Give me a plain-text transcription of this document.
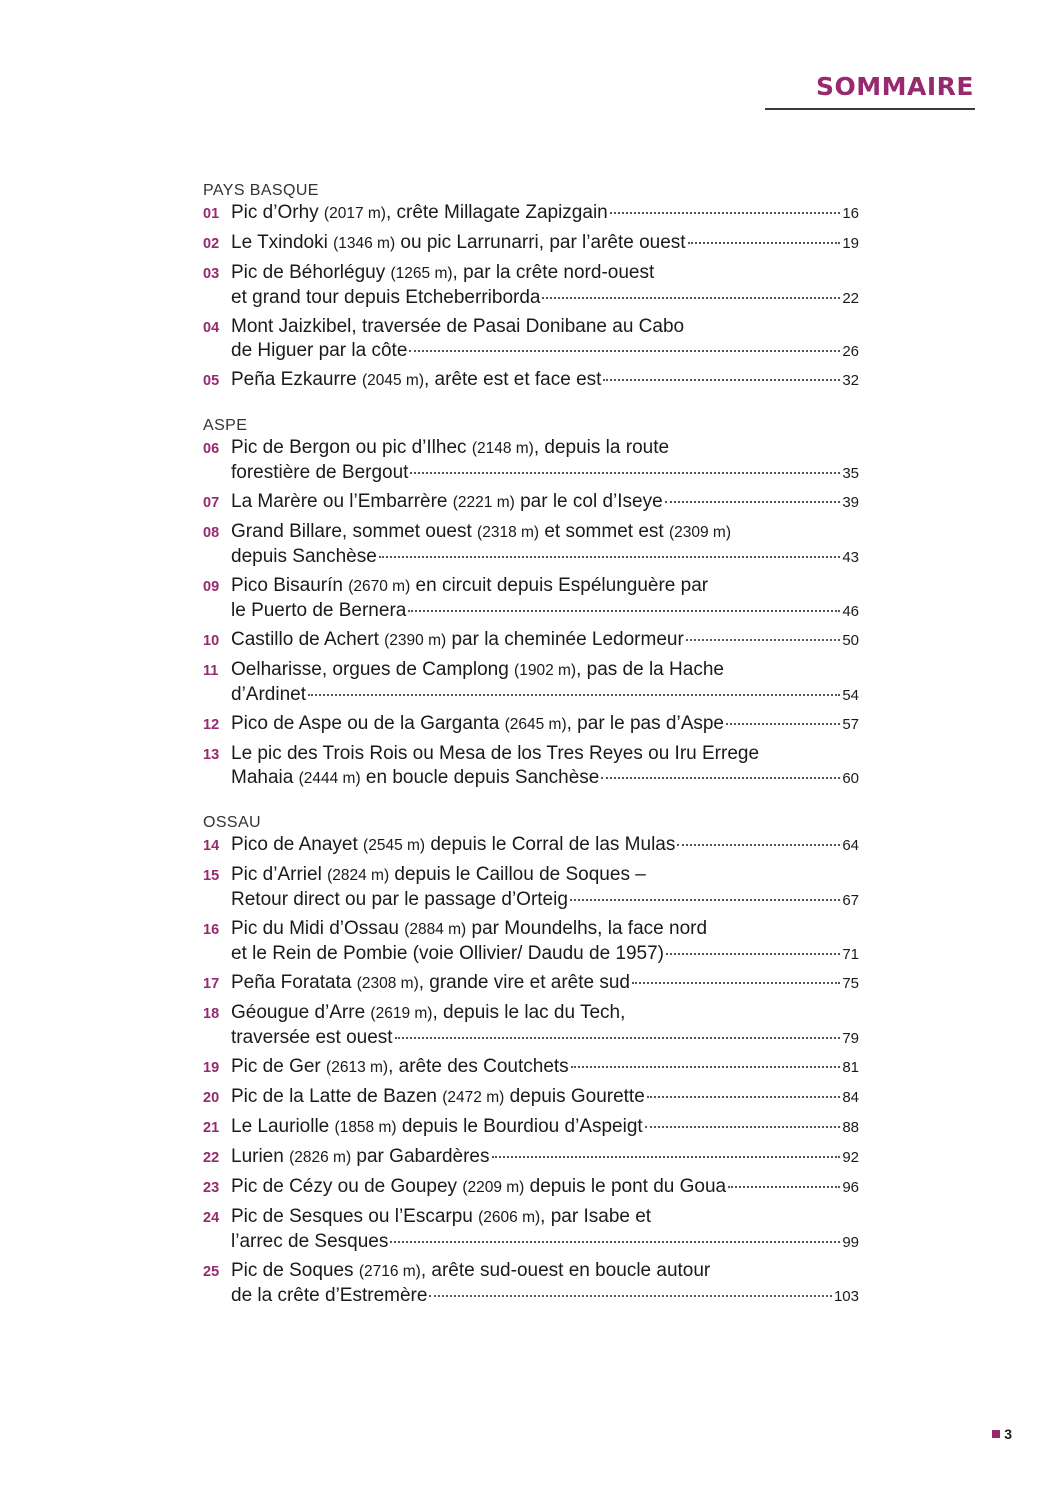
SOMMAIRE
PAYS BASQUE
01 Pic d’Orhy (2017 m) , crête Millagate Zapizgain	16
02 Le Txindoki (1346 m) ou pic Larrunarri, par l’arête ouest	19
03 Pic de Béhorléguy (1265 m) , par la crête nord-ouest
et grand tour depuis Etcheberriborda	22
04 Mont Jaizkibel, traversée de Pasai Donibane au Cabo
de Higuer par la côte	26
05 Peña Ezkaurre (2045 m) , arête est et face est	32
ASPE
06 Pic de Bergon ou pic d’Ilhec (2148 m) , depuis la route
forestière de Bergout	35
07 La Marère ou l’Embarrère (2221 m) par le col d’Iseye	39
08 Grand Billare, sommet ouest (2318 m) et sommet est (2309 m)
depuis Sanchèse	43
09 Pico Bisaurín (2670 m) en circuit depuis Espélunguère par
le Puerto de Bernera	46
10 Castillo de Achert (2390 m) par la cheminée Ledormeur	50
11 Oelharisse, orgues de Camplong (1902 m) , pas de la Hache
d’Ardinet	54
12 Pico de Aspe ou de la Garganta (2645 m) , par le pas d’Aspe	57
13 Le pic des Trois Rois ou Mesa de los Tres Reyes ou Iru Errege
Mahaia (2444 m) en boucle depuis Sanchèse	60
OSSAU
14 Pico de Anayet (2545 m) depuis le Corral de las Mulas	64
15 Pic d’Arriel (2824 m) depuis le Caillou de Soques –
Retour direct ou par le passage d’Orteig	67
16 Pic du Midi d’Ossau (2884 m) par Moundelhs, la face nord
et le Rein de Pombie (voie Ollivier/ Daudu de 1957)	71
17 Peña Foratata (2308 m) , grande vire et arête sud	75
18 Géougue d’Arre (2619 m) , depuis le lac du Tech,
traversée est ouest	79
19 Pic de Ger (2613 m) , arête des Coutchets	81
20 Pic de la Latte de Bazen (2472 m) depuis Gourette	84
21 Le Lauriolle (1858 m) depuis le Bourdiou d’Aspeigt	88
22 Lurien (2826 m) par Gabardères	92
23 Pic de Cézy ou de Goupey (2209 m) depuis le pont du Goua	96
24 Pic de Sesques ou l’Escarpu (2606 m) , par Isabe et
l’arrec de Sesques	99
25 Pic de Soques (2716 m) , arête sud-ouest en boucle autour
de la crête d’Estremère	103
3
